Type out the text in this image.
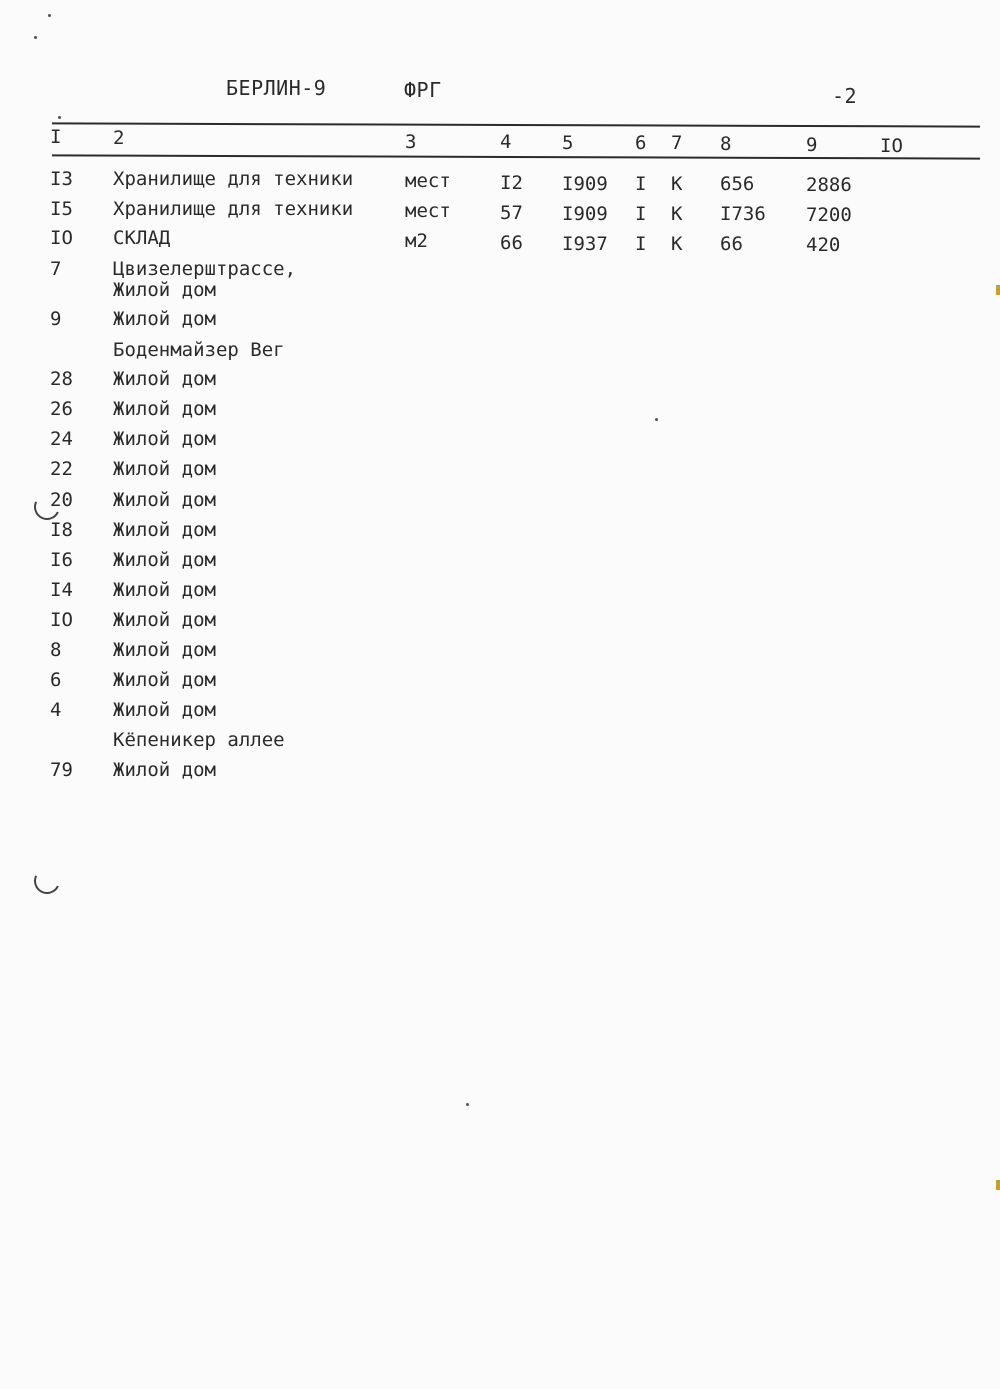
БЕРЛИН-9	ФРГ	-2
I	2	3	4	5	6 7 8	9	IO
I3 Хранилище для техники	мест	I2 I909 I К 656	2886
I5 Хранилище для техники	мест	57 I909 I К I736 7200
IO СКЛАД	м2	66 I937 I К 66	420
7	Цвизелерштрассе,
Жилой дом
9	Жилой дом
Боденмайзер Вег
28 Жилой дом
26 Жилой дом
24 Жилой дом
22 Жилой дом
20 Жилой дом
I8 Жилой дом
I6 Жилой дом
I4 Жилой дом
IO Жилой дом
8	Жилой дом
6	Жилой дом
4	Жилой дом
Кёпеникер аллее
79 Жилой дом
